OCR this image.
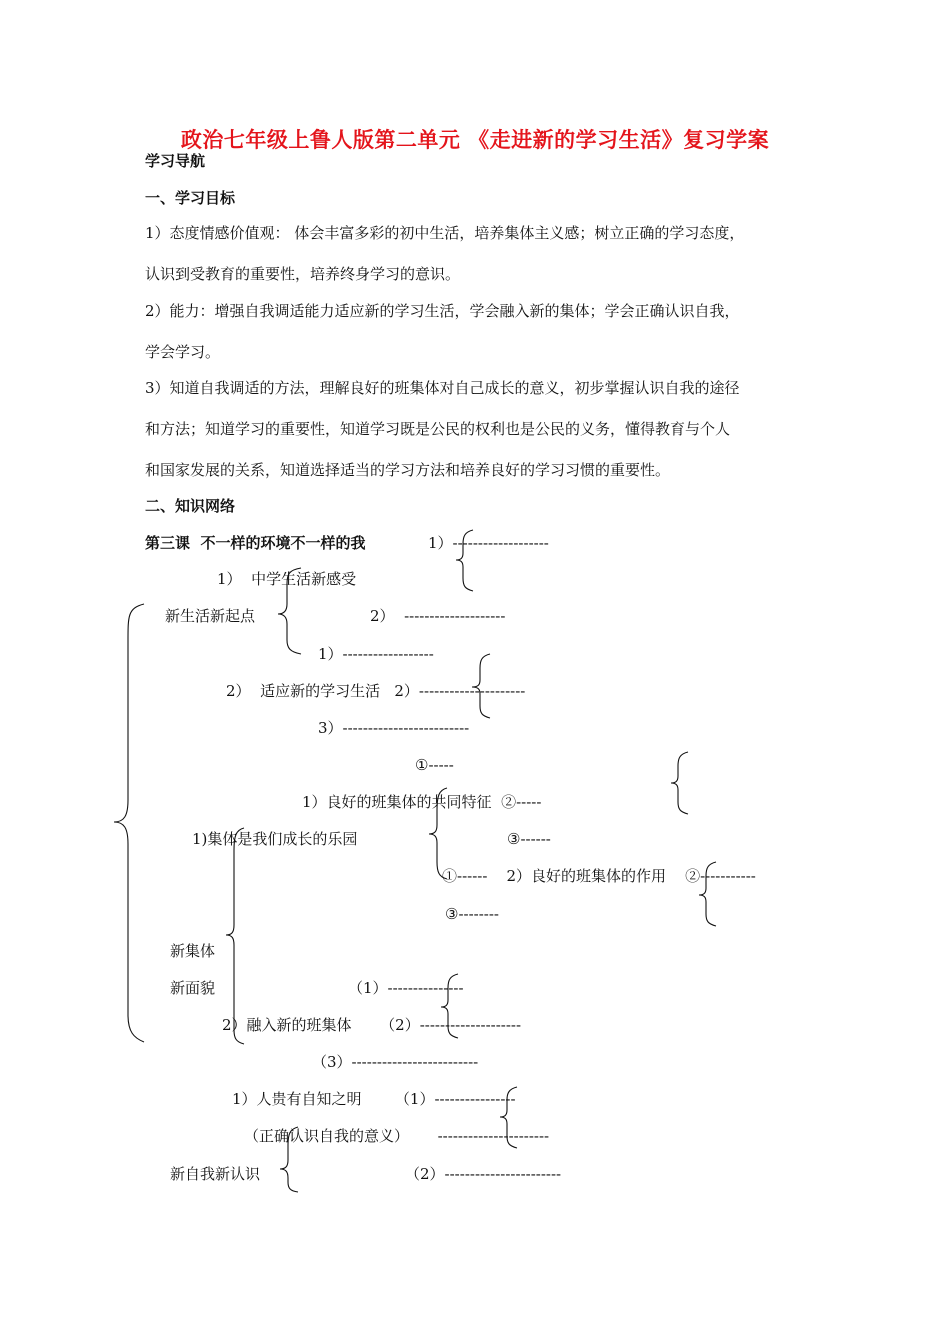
政治七年级上鲁人版第二单元 《走进新的学习生活》复习学案
学习导航
一、学习目标
1）态度情感价值观： 体会丰富多彩的初中生活，培养集体主义感；树立正确的学习态度，
认识到受教育的重要性，培养终身学习的意识。
2）能力：增强自我调适能力适应新的学习生活，学会融入新的集体；学会正确认识自我，
学会学习。
3）知道自我调适的方法，理解良好的班集体对自己成长的意义，初步掌握认识自我的途径
和方法；知道学习的重要性，知道学习既是公民的权利也是公民的义务，懂得教育与个人
和国家发展的关系，知道选择适当的学习方法和培养良好的学习习惯的重要性。
二、知识网络
第三课  不一样的环境不一样的我	1）-------------------
1）  中学生活新感受
新生活新起点	2）  --------------------
1）------------------
2）  适应新的学习生活   2）---------------------
3）-------------------------
①-----
1）良好的班集体的共同特征  ②-----
1)集体是我们成长的乐园	③------
①------    2）良好的班集体的作用    ②-----------
③--------
新集体
新面貌	（1）---------------
2）融入新的班集体      （2）--------------------
（3）-------------------------
1）人贵有自知之明       （1）----------------
（正确认识自我的意义）      ----------------------
新自我新认识	（2）-----------------------
